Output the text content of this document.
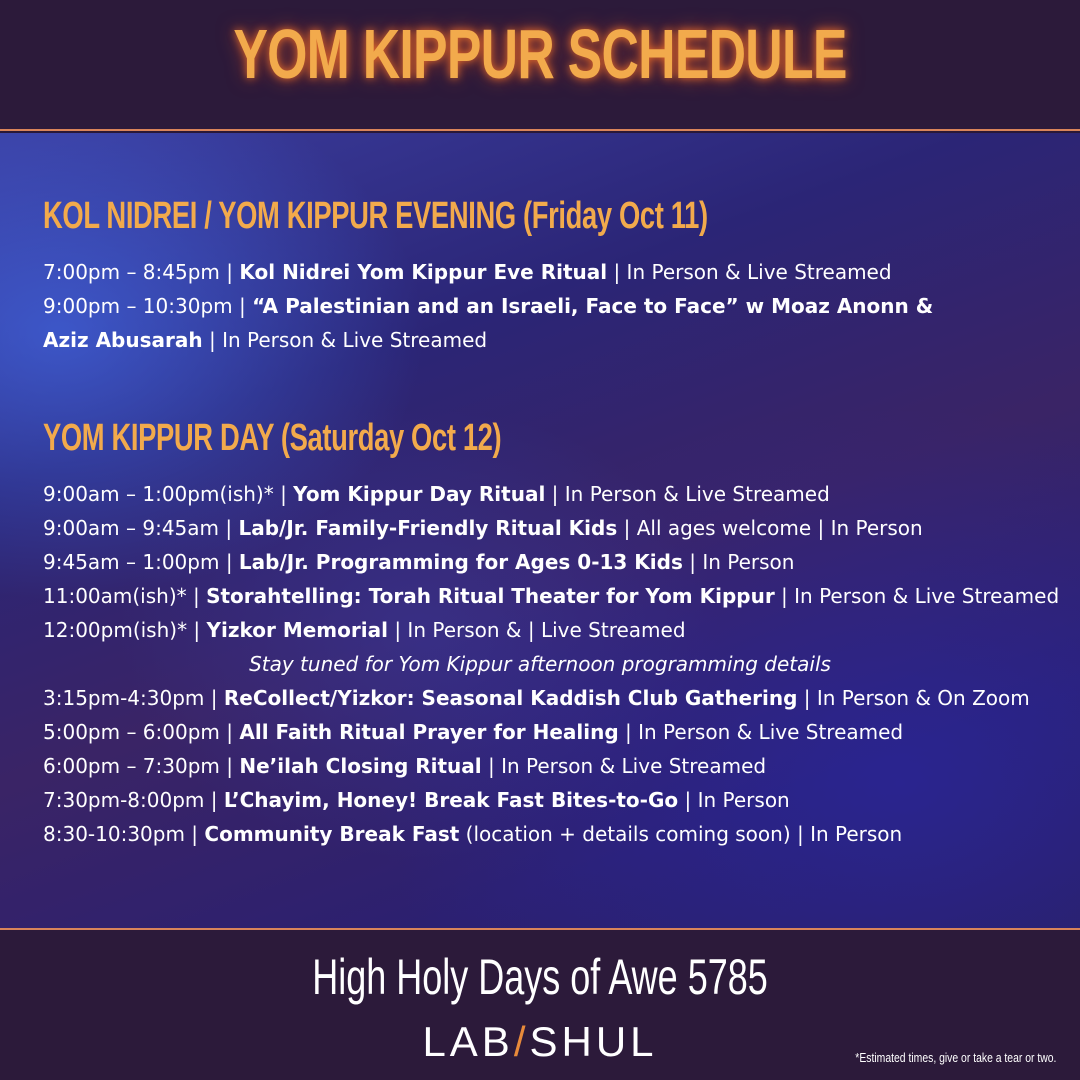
YOM KIPPUR SCHEDULE
KOL NIDREI / YOM KIPPUR EVENING (Friday Oct 11)
7:00pm – 8:45pm | Kol Nidrei Yom Kippur Eve Ritual | In Person & Live Streamed
9:00pm – 10:30pm | “A Palestinian and an Israeli, Face to Face” w Moaz Anonn &
Aziz Abusarah | In Person & Live Streamed
YOM KIPPUR DAY (Saturday Oct 12)
9:00am – 1:00pm(ish)* | Yom Kippur Day Ritual | In Person & Live Streamed
9:00am – 9:45am | Lab/Jr. Family-Friendly Ritual Kids | All ages welcome | In Person
9:45am – 1:00pm | Lab/Jr. Programming for Ages 0-13 Kids | In Person
11:00am(ish)* | Storahtelling: Torah Ritual Theater for Yom Kippur | In Person & Live Streamed
12:00pm(ish)* | Yizkor Memorial | In Person & | Live Streamed
Stay tuned for Yom Kippur afternoon programming details
3:15pm-4:30pm | ReCollect/Yizkor: Seasonal Kaddish Club Gathering | In Person & On Zoom
5:00pm – 6:00pm | All Faith Ritual Prayer for Healing | In Person & Live Streamed
6:00pm – 7:30pm | Ne’ilah Closing Ritual | In Person & Live Streamed
7:30pm-8:00pm | L’Chayim, Honey! Break Fast Bites-to-Go | In Person
8:30-10:30pm | Community Break Fast (location + details coming soon) | In Person
High Holy Days of Awe 5785
LAB/SHUL	*Estimated times, give or take a tear or two.
